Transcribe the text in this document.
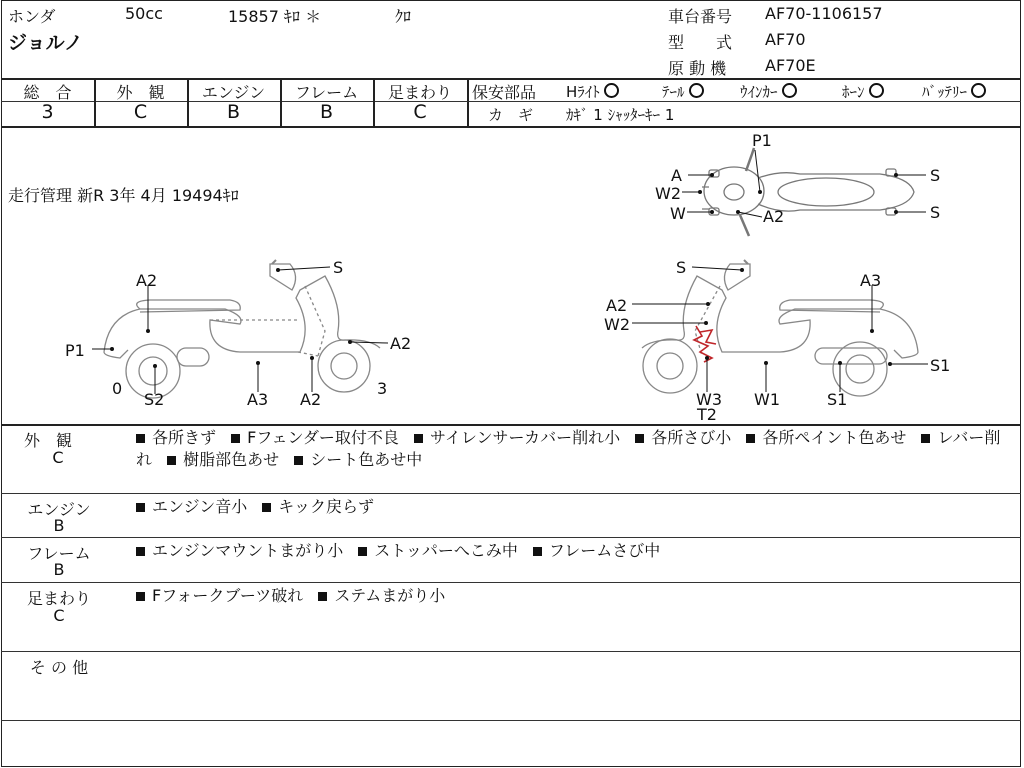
ホンダ	50cc	15857 ｷﾛ ＊	ｸﾛ
ジョルノ
車台番号 AF70-1106157
型　　式 AF70
原 動 機 AF70E
総　合	外　観	エンジン	フレーム	足まわり
3	C	B	B	C
保安部品 Hﾗｲﾄ	ﾃｰﾙ	ｳｲﾝｶｰ	ﾎｰﾝ	ﾊﾞｯﾃﾘｰ
カ　ギ ｶｷﾞ 1 ｼｬｯﾀｰｷｰ 1
走行管理 新R 3年 4月 19494ｷﾛ
P1
A
W2
W	A2
S
S
S
A2
P1	A2
0
S2	A3 A2
3
S
A3
A2
W2
S1
W3
T2
W1	S1
外　観
C
各所きず Fフェンダー取付不良 サイレンサーカバー削れ小 各所さび小 各所ペイント色あせ レバー削れ 樹脂部色あせ シート色あせ中
エンジン
B
エンジン音小 キック戻らず
フレーム
B
エンジンマウントまがり小 ストッパーへこみ中 フレームさび中
足まわり
C
Fフォークブーツ破れ ステムまがり小
そ の 他
